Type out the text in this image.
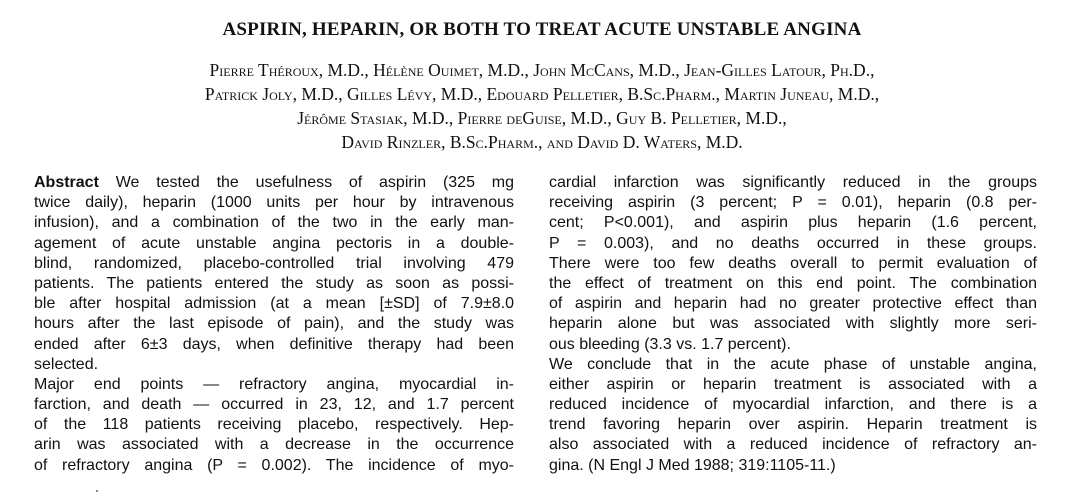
ASPIRIN, HEPARIN, OR BOTH TO TREAT ACUTE UNSTABLE ANGINA
Pierre Théroux, M.D., Hélène Ouimet, M.D., John McCans, M.D., Jean-Gilles Latour, Ph.D.,
Patrick Joly, M.D., Gilles Lévy, M.D., Edouard Pelletier, B.Sc.Pharm., Martin Juneau, M.D.,
Jérôme Stasiak, M.D., Pierre deGuise, M.D., Guy B. Pelletier, M.D.,
David Rinzler, B.Sc.Pharm., and David D. Waters, M.D.
Abstract We tested the usefulness of aspirin (325 mg
twice daily), heparin (1000 units per hour by intravenous
infusion), and a combination of the two in the early man-
agement of acute unstable angina pectoris in a double-
blind, randomized, placebo-controlled trial involving 479
patients. The patients entered the study as soon as possi-
ble after hospital admission (at a mean [±SD] of 7.9±8.0
hours after the last episode of pain), and the study was
ended after 6±3 days, when definitive therapy had been
selected.
Major end points — refractory angina, myocardial in-
farction, and death — occurred in 23, 12, and 1.7 percent
of the 118 patients receiving placebo, respectively. Hep-
arin was associated with a decrease in the occurrence
of refractory angina (P = 0.002). The incidence of myo-
cardial infarction was significantly reduced in the groups
receiving aspirin (3 percent; P = 0.01), heparin (0.8 per-
cent; P<0.001), and aspirin plus heparin (1.6 percent,
P = 0.003), and no deaths occurred in these groups.
There were too few deaths overall to permit evaluation of
the effect of treatment on this end point. The combination
of aspirin and heparin had no greater protective effect than
heparin alone but was associated with slightly more seri-
ous bleeding (3.3 vs. 1.7 percent).
We conclude that in the acute phase of unstable angina,
either aspirin or heparin treatment is associated with a
reduced incidence of myocardial infarction, and there is a
trend favoring heparin over aspirin. Heparin treatment is
also associated with a reduced incidence of refractory an-
gina. (N Engl J Med 1988; 319:1105-11.)
